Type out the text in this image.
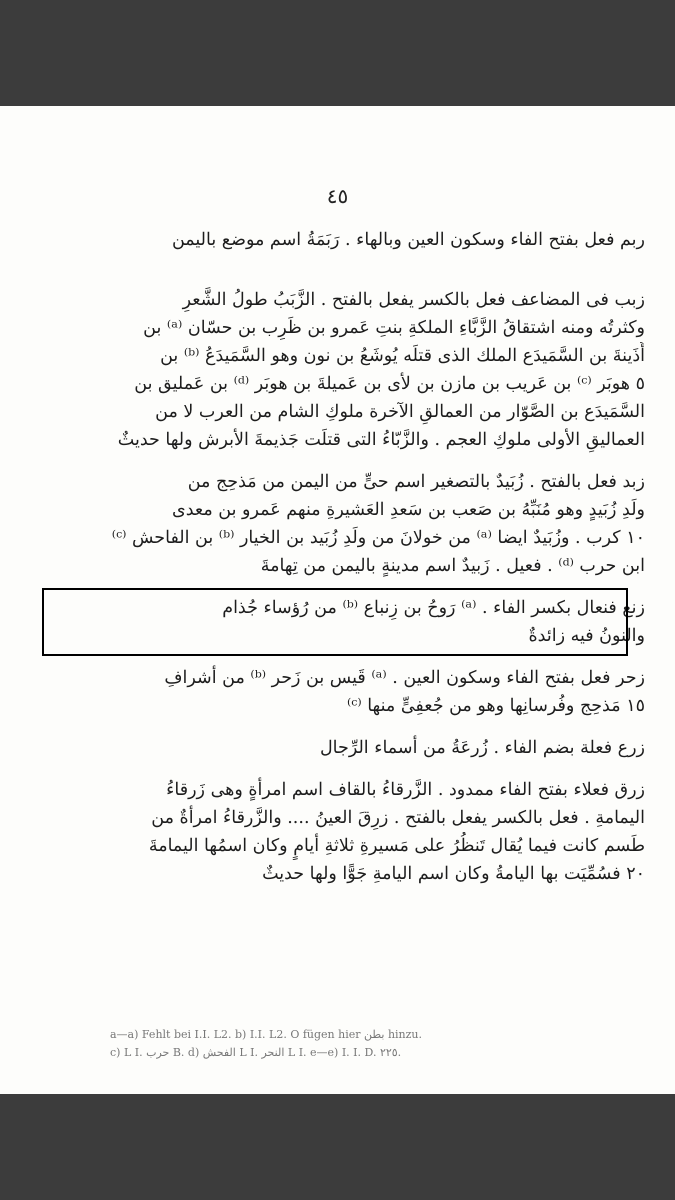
٤٥
ربم فعل بفتح الفاء وسكون العين وبالهاء . رَبَمَةُ اسم موضع باليمن
زبب فى المضاعف فعل بالكسر يفعل بالفتح . الزَّبَبُ طولُ الشَّعرِ
وكثرتُه ومنه اشتقاقُ الزَّبَّاءِ الملكةِ بنتِ عَمرو بن ظَرِب بن حسّان ⁽ᵃ⁾ بن
أُذَينةَ بن السَّمَيدَع الملك الذى قتلَه يُوشَعُ بن نون وهو السَّمَيدَعُ ⁽ᵇ⁾ بن
٥ هوبَر ⁽ᶜ⁾ بن عَريب بن مازن بن لأى بن عَميلةَ بن هوبَر ⁽ᵈ⁾ بن عَمليق بن
السَّمَيدَع بن الصَّوّار من العمالقِ الآخرة ملوكِ الشام من العرب لا من
العماليقِ الأولى ملوكِ العجم . والزَّبّاءُ التى قتلَت جَذيمةَ الأبرش ولها حديثٌ
زبد فعل بالفتح . زُبَيدٌ بالتصغير اسم حىٍّ من اليمن من مَذحِج من
ولَدِ زُبَيدٍ وهو مُنَبِّهُ بن صَعب بن سَعدِ العَشيرةِ منهم عَمرو بن معدى
١٠ كرب . وزُبَيدٌ ايضا ⁽ᵃ⁾ من خولانَ من ولَدِ زُبَيد بن الخيار ⁽ᵇ⁾ بن الفاحش ⁽ᶜ⁾
ابن حرب ⁽ᵈ⁾ . فعيل . زَبيدٌ اسم مدينةٍ باليمن من تِهامةَ
زنع فنعال بكسر الفاء . ⁽ᵃ⁾ رَوحُ بن زِنباع ⁽ᵇ⁾ من رُؤساء جُذام
والنونُ فيه زائدةٌ
زحر فعل بفتح الفاء وسكون العين . ⁽ᵃ⁾ قَيس بن زَحر ⁽ᵇ⁾ من أشرافِ
١٥ مَذحِج وفُرسانِها وهو من جُعفِىٍّ منها ⁽ᶜ⁾
زرع فعلة بضم الفاء . زُرعَةُ من أسماء الرِّجال
زرق فعلاء بفتح الفاء ممدود . الزَّرقاءُ بالقاف اسم امرأةٍ وهى زَرقاءُ
اليمامةِ . فعل بالكسر يفعل بالفتح . زرِقَ العينُ .... والزَّرقاءُ امرأةٌ من
طَسم كانت فيما يُقال تَنظُرُ على مَسيرةِ ثلاثةِ أيامٍ وكان اسمُها اليمامةَ
٢٠ فسُمِّيَت بها اليامةُ وكان اسم اليامةِ جَوًّا ولها حديثٌ
a—a) Fehlt bei I.I. L2. b) I.I. L2. O fügen hier بطن hinzu.
c) L I. حرب B. d) الفحش L I. النحر L I. e—e) I. I. D. ٢٢٥.
